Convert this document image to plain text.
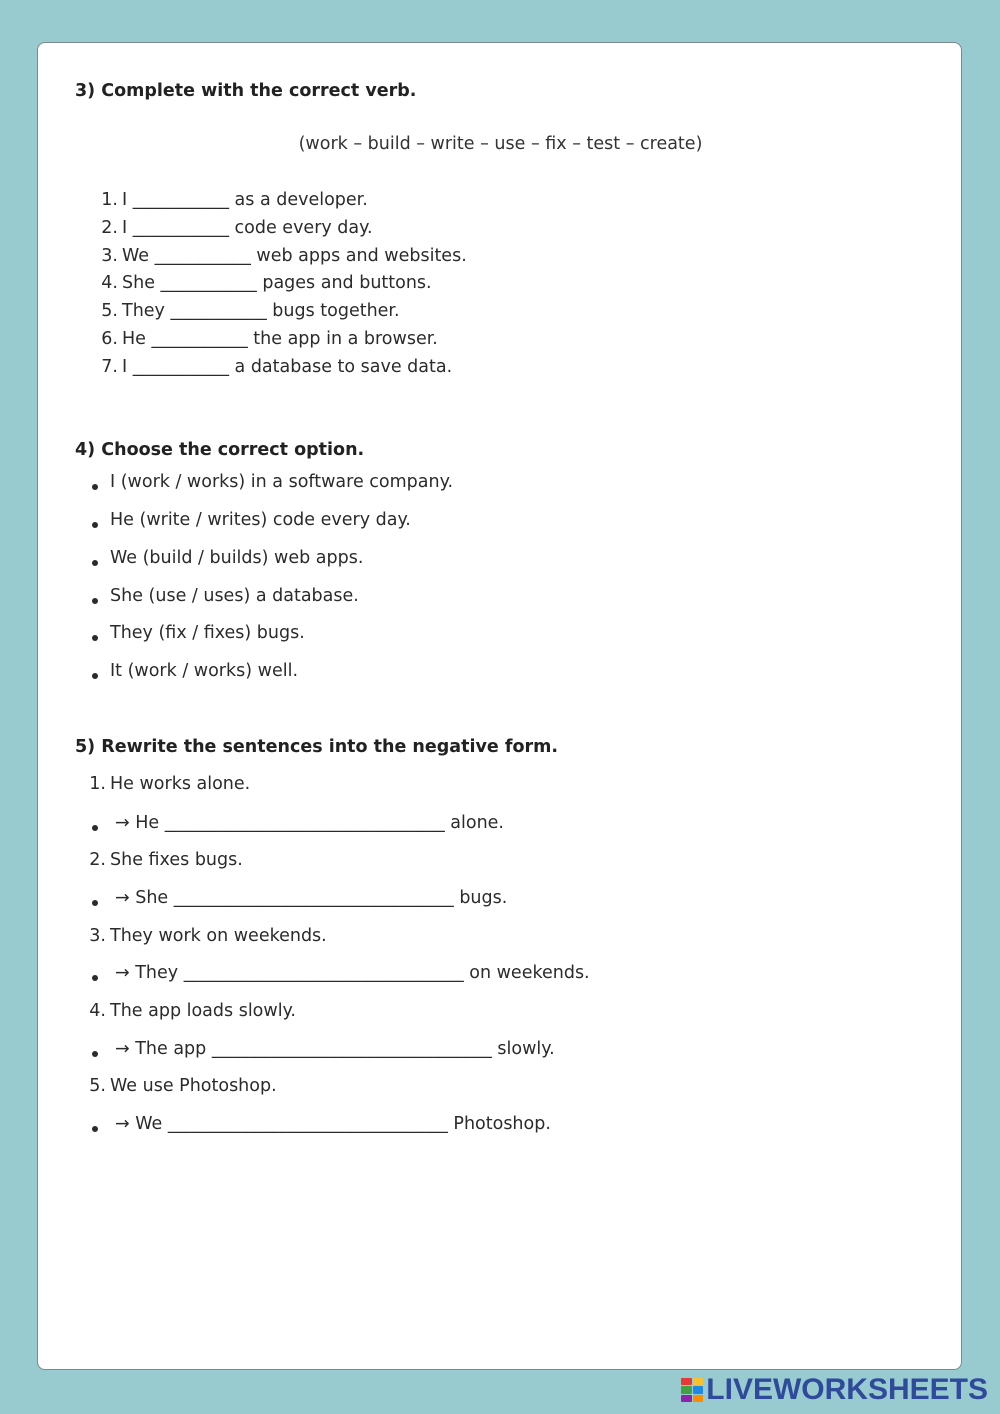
3) Complete with the correct verb.
(work – build – write – use – fix – test – create)
1. I ___________ as a developer.
2. I ___________ code every day.
3. We ___________ web apps and websites.
4. She ___________ pages and buttons.
5. They ___________ bugs together.
6. He ___________ the app in a browser.
7. I ___________ a database to save data.
4) Choose the correct option.
I (work / works) in a software company.
He (write / writes) code every day.
We (build / builds) web apps.
She (use / uses) a database.
They (fix / fixes) bugs.
It (work / works) well.
5) Rewrite the sentences into the negative form.
1. He works alone.
→ He ________________________________ alone.
2. She fixes bugs.
→ She ________________________________ bugs.
3. They work on weekends.
→ They ________________________________ on weekends.
4. The app loads slowly.
→ The app ________________________________ slowly.
5. We use Photoshop.
→ We ________________________________ Photoshop.
LIVEWORKSHEETS
